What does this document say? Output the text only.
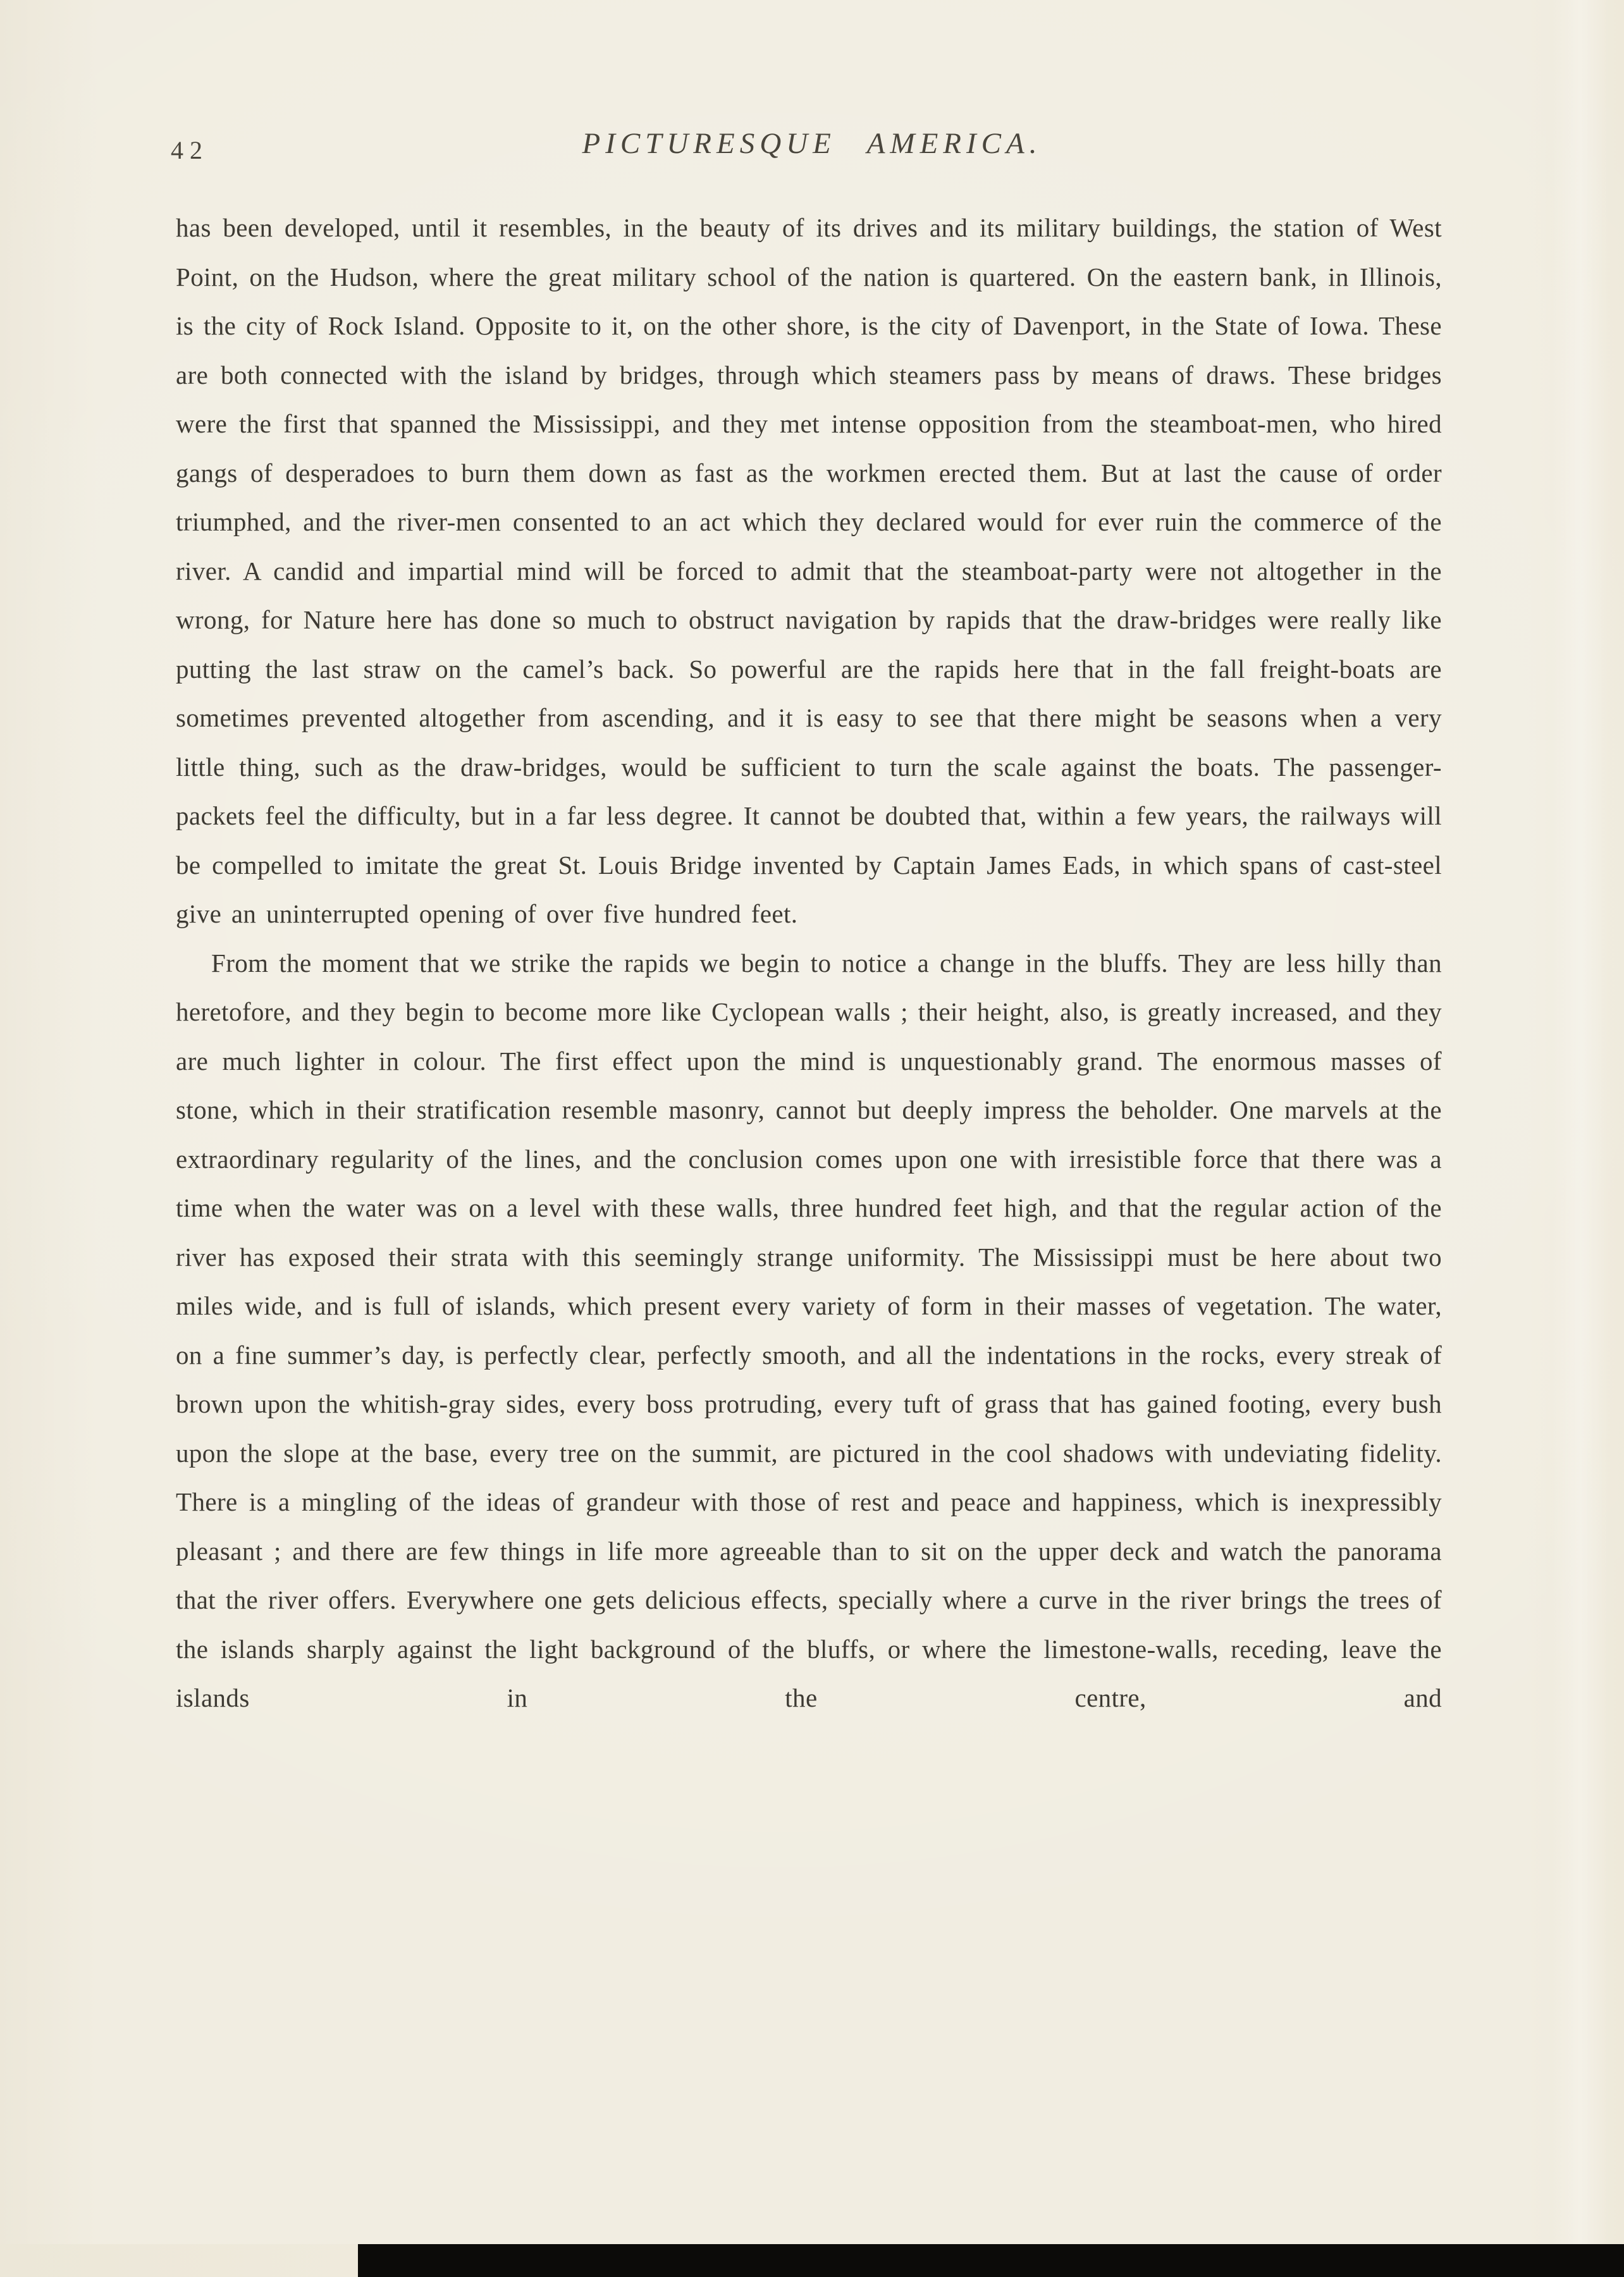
42	PICTURESQUE AMERICA.

has been developed, until it resembles, in the beauty of its drives and its military buildings, the station of West Point, on the Hudson, where the great military school of the nation is quartered. On the eastern bank, in Illinois, is the city of Rock Island. Opposite to it, on the other shore, is the city of Davenport, in the State of Iowa. These are both connected with the island by bridges, through which steamers pass by means of draws. These bridges were the first that spanned the Mississippi, and they met intense opposition from the steamboat-men, who hired gangs of desperadoes to burn them down as fast as the workmen erected them. But at last the cause of order triumphed, and the river-men consented to an act which they declared would for ever ruin the commerce of the river. A candid and impartial mind will be forced to admit that the steamboat-party were not altogether in the wrong, for Nature here has done so much to obstruct navigation by rapids that the draw-bridges were really like putting the last straw on the camel’s back. So powerful are the rapids here that in the fall freight-boats are sometimes prevented altogether from ascending, and it is easy to see that there might be seasons when a very little thing, such as the draw-bridges, would be sufficient to turn the scale against the boats. The passenger-packets feel the difficulty, but in a far less degree. It cannot be doubted that, within a few years, the railways will be compelled to imitate the great St. Louis Bridge invented by Captain James Eads, in which spans of cast-steel give an uninterrupted opening of over five hundred feet.

From the moment that we strike the rapids we begin to notice a change in the bluffs. They are less hilly than heretofore, and they begin to become more like Cyclopean walls ; their height, also, is greatly increased, and they are much lighter in colour. The first effect upon the mind is unquestionably grand. The enormous masses of stone, which in their stratification resemble masonry, cannot but deeply impress the beholder. One marvels at the extraordinary regularity of the lines, and the conclusion comes upon one with irresistible force that there was a time when the water was on a level with these walls, three hundred feet high, and that the regular action of the river has exposed their strata with this seemingly strange uniformity. The Mississippi must be here about two miles wide, and is full of islands, which present every variety of form in their masses of vegetation. The water, on a fine summer’s day, is perfectly clear, perfectly smooth, and all the indentations in the rocks, every streak of brown upon the whitish-gray sides, every boss protruding, every tuft of grass that has gained footing, every bush upon the slope at the base, every tree on the summit, are pictured in the cool shadows with undeviating fidelity. There is a mingling of the ideas of grandeur with those of rest and peace and happiness, which is inexpressibly pleasant ; and there are few things in life more agreeable than to sit on the upper deck and watch the panorama that the river offers. Everywhere one gets delicious effects, specially where a curve in the river brings the trees of the islands sharply against the light background of the bluffs, or where the limestone-walls, receding, leave the islands in the centre, and
